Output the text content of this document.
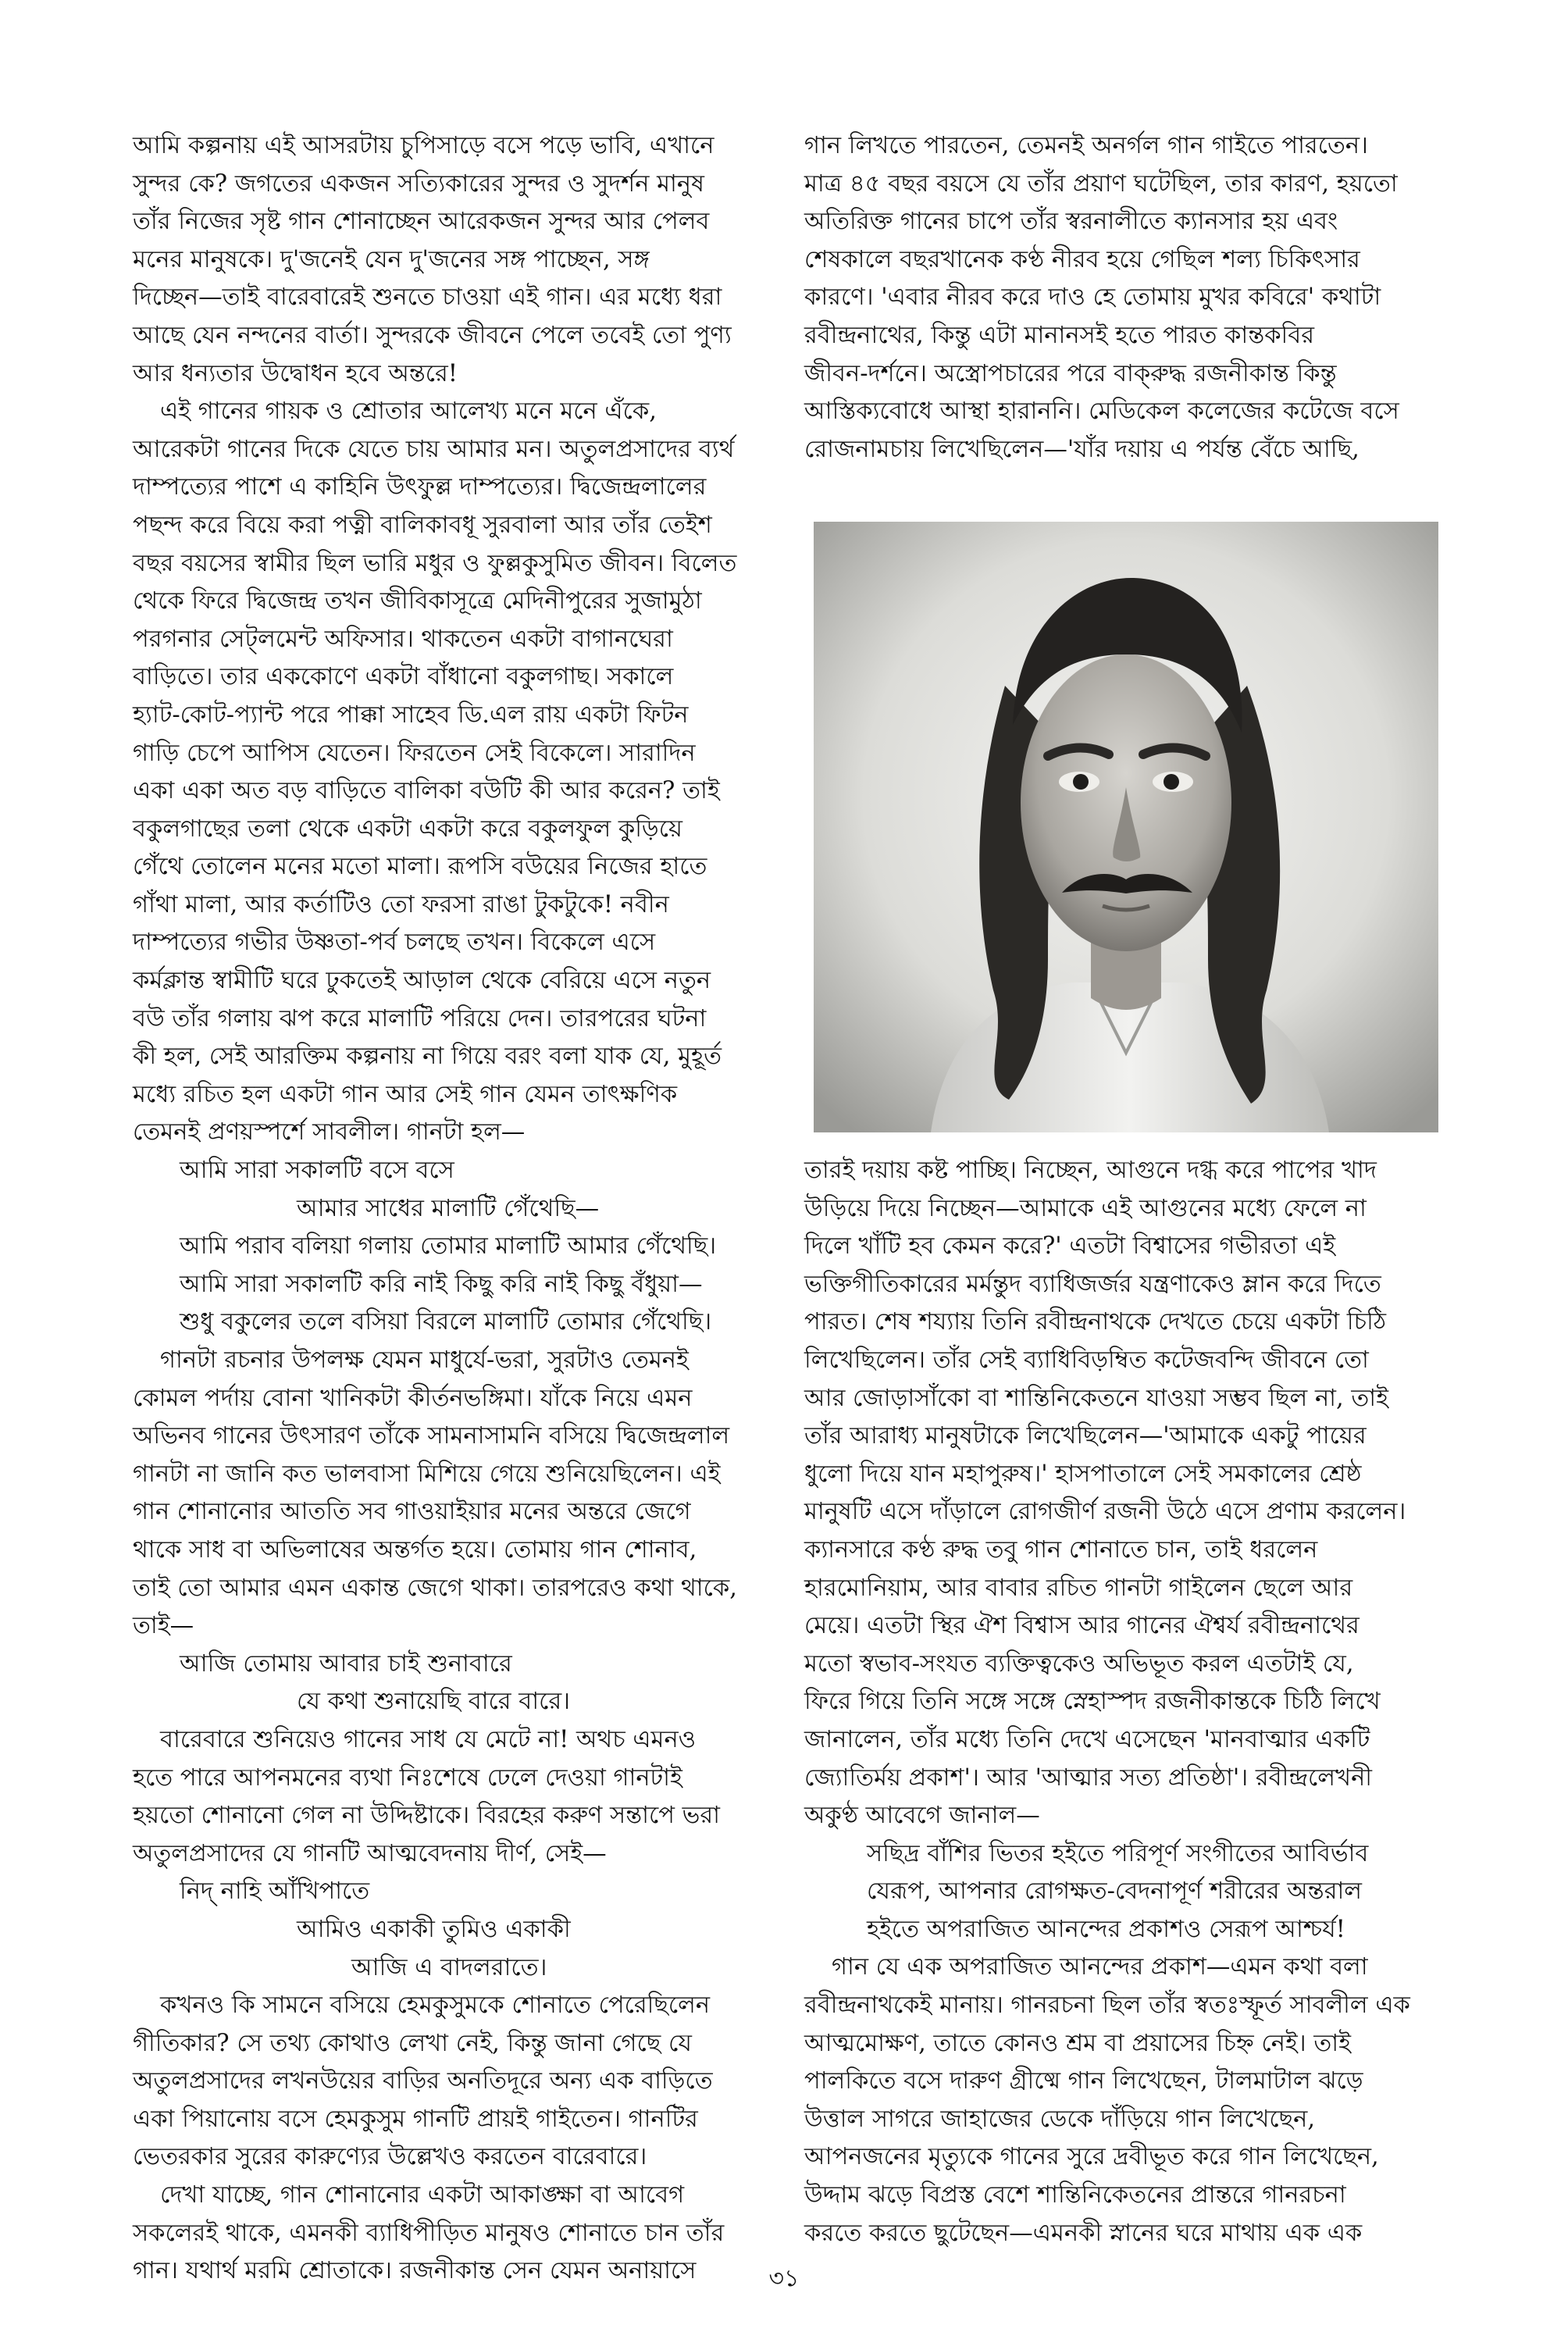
আমি কল্পনায় এই আসরটায় চুপিসাড়ে বসে পড়ে ভাবি, এখানে
সুন্দর কে? জগতের একজন সত্যিকারের সুন্দর ও সুদর্শন মানুষ
তাঁর নিজের সৃষ্ট গান শোনাচ্ছেন আরেকজন সুন্দর আর পেলব
মনের মানুষকে। দু'জনেই যেন দু'জনের সঙ্গ পাচ্ছেন, সঙ্গ
দিচ্ছেন—তাই বারেবারেই শুনতে চাওয়া এই গান। এর মধ্যে ধরা
আছে যেন নন্দনের বার্তা। সুন্দরকে জীবনে পেলে তবেই তো পুণ্য
আর ধন্যতার উদ্বোধন হবে অন্তরে!

এই গানের গায়ক ও শ্রোতার আলেখ্য মনে মনে এঁকে,
আরেকটা গানের দিকে যেতে চায় আমার মন। অতুলপ্রসাদের ব্যর্থ
দাম্পত্যের পাশে এ কাহিনি উৎফুল্ল দাম্পত্যের। দ্বিজেন্দ্রলালের
পছন্দ করে বিয়ে করা পত্নী বালিকাবধূ সুরবালা আর তাঁর তেইশ
বছর বয়সের স্বামীর ছিল ভারি মধুর ও ফুল্লকুসুমিত জীবন। বিলেত
থেকে ফিরে দ্বিজেন্দ্র তখন জীবিকাসূত্রে মেদিনীপুরের সুজামুঠা
পরগনার সেট্‌লমেন্ট অফিসার। থাকতেন একটা বাগানঘেরা
বাড়িতে। তার এককোণে একটা বাঁধানো বকুলগাছ। সকালে
হ্যাট-কোট-প্যান্ট পরে পাক্কা সাহেব ডি.এল রায় একটা ফিটন
গাড়ি চেপে আপিস যেতেন। ফিরতেন সেই বিকেলে। সারাদিন
একা একা অত বড় বাড়িতে বালিকা বউটি কী আর করেন? তাই
বকুলগাছের তলা থেকে একটা একটা করে বকুলফুল কুড়িয়ে
গেঁথে তোলেন মনের মতো মালা। রূপসি বউয়ের নিজের হাতে
গাঁথা মালা, আর কর্তাটিও তো ফরসা রাঙা টুকটুকে! নবীন
দাম্পত্যের গভীর উষ্ণতা-পর্ব চলছে তখন। বিকেলে এসে
কর্মক্লান্ত স্বামীটি ঘরে ঢুকতেই আড়াল থেকে বেরিয়ে এসে নতুন
বউ তাঁর গলায় ঝপ করে মালাটি পরিয়ে দেন। তারপরের ঘটনা
কী হল, সেই আরক্তিম কল্পনায় না গিয়ে বরং বলা যাক যে, মুহূর্ত
মধ্যে রচিত হল একটা গান আর সেই গান যেমন তাৎক্ষণিক
তেমনই প্রণয়স্পর্শে সাবলীল। গানটা হল—

আমি সারা সকালটি বসে বসে
আমার সাধের মালাটি গেঁথেছি—
আমি পরাব বলিয়া গলায় তোমার মালাটি আমার গেঁথেছি।
আমি সারা সকালটি করি নাই কিছু করি নাই কিছু বঁধুয়া—
শুধু বকুলের তলে বসিয়া বিরলে মালাটি তোমার গেঁথেছি।

গানটা রচনার উপলক্ষ যেমন মাধুর্যে-ভরা, সুরটাও তেমনই
কোমল পর্দায় বোনা খানিকটা কীর্তনভঙ্গিমা। যাঁকে নিয়ে এমন
অভিনব গানের উৎসারণ তাঁকে সামনাসামনি বসিয়ে দ্বিজেন্দ্রলাল
গানটা না জানি কত ভালবাসা মিশিয়ে গেয়ে শুনিয়েছিলেন। এই
গান শোনানোর আততি সব গাওয়াইয়ার মনের অন্তরে জেগে
থাকে সাধ বা অভিলাষের অন্তর্গত হয়ে। তোমায় গান শোনাব,
তাই তো আমার এমন একান্ত জেগে থাকা। তারপরেও কথা থাকে,
তাই—

আজি তোমায় আবার চাই শুনাবারে
যে কথা শুনায়েছি বারে বারে।

বারেবারে শুনিয়েও গানের সাধ যে মেটে না! অথচ এমনও
হতে পারে আপনমনের ব্যথা নিঃশেষে ঢেলে দেওয়া গানটাই
হয়তো শোনানো গেল না উদ্দিষ্টাকে। বিরহের করুণ সন্তাপে ভরা
অতুলপ্রসাদের যে গানটি আত্মবেদনায় দীর্ণ, সেই—

নিদ্ নাহি আঁখিপাতে
আমিও একাকী তুমিও একাকী
আজি এ বাদলরাতে।

কখনও কি সামনে বসিয়ে হেমকুসুমকে শোনাতে পেরেছিলেন
গীতিকার? সে তথ্য কোথাও লেখা নেই, কিন্তু জানা গেছে যে
অতুলপ্রসাদের লখনউয়ের বাড়ির অনতিদূরে অন্য এক বাড়িতে
একা পিয়ানোয় বসে হেমকুসুম গানটি প্রায়ই গাইতেন। গানটির
ভেতরকার সুরের কারুণ্যের উল্লেখও করতেন বারেবারে।

দেখা যাচ্ছে, গান শোনানোর একটা আকাঙ্ক্ষা বা আবেগ
সকলেরই থাকে, এমনকী ব্যাধিপীড়িত মানুষও শোনাতে চান তাঁর
গান। যথার্থ মরমি শ্রোতাকে। রজনীকান্ত সেন যেমন অনায়াসে

গান লিখতে পারতেন, তেমনই অনর্গল গান গাইতে পারতেন।
মাত্র ৪৫ বছর বয়সে যে তাঁর প্রয়াণ ঘটেছিল, তার কারণ, হয়তো
অতিরিক্ত গানের চাপে তাঁর স্বরনালীতে ক্যানসার হয় এবং
শেষকালে বছরখানেক কণ্ঠ নীরব হয়ে গেছিল শল্য চিকিৎসার
কারণে। 'এবার নীরব করে দাও হে তোমায় মুখর কবিরে' কথাটা
রবীন্দ্রনাথের, কিন্তু এটা মানানসই হতে পারত কান্তকবির
জীবন-দর্শনে। অস্ত্রোপচারের পরে বাক্‌রুদ্ধ রজনীকান্ত কিন্তু
আস্তিক্যবোধে আস্থা হারাননি। মেডিকেল কলেজের কটেজে বসে
রোজনামচায় লিখেছিলেন—'যাঁর দয়ায় এ পর্যন্ত বেঁচে আছি,

তারই দয়ায় কষ্ট পাচ্ছি। নিচ্ছেন, আগুনে দগ্ধ করে পাপের খাদ
উড়িয়ে দিয়ে নিচ্ছেন—আমাকে এই আগুনের মধ্যে ফেলে না
দিলে খাঁটি হব কেমন করে?' এতটা বিশ্বাসের গভীরতা এই
ভক্তিগীতিকারের মর্মন্তুদ ব্যাধিজর্জর যন্ত্রণাকেও ম্লান করে দিতে
পারত। শেষ শয্যায় তিনি রবীন্দ্রনাথকে দেখতে চেয়ে একটা চিঠি
লিখেছিলেন। তাঁর সেই ব্যাধিবিড়ম্বিত কটেজবন্দি জীবনে তো
আর জোড়াসাঁকো বা শান্তিনিকেতনে যাওয়া সম্ভব ছিল না, তাই
তাঁর আরাধ্য মানুষটাকে লিখেছিলেন—'আমাকে একটু পায়ের
ধুলো দিয়ে যান মহাপুরুষ।' হাসপাতালে সেই সমকালের শ্রেষ্ঠ
মানুষটি এসে দাঁড়ালে রোগজীর্ণ রজনী উঠে এসে প্রণাম করলেন।
ক্যানসারে কণ্ঠ রুদ্ধ তবু গান শোনাতে চান, তাই ধরলেন
হারমোনিয়াম, আর বাবার রচিত গানটা গাইলেন ছেলে আর
মেয়ে। এতটা স্থির ঐশ বিশ্বাস আর গানের ঐশ্বর্য রবীন্দ্রনাথের
মতো স্বভাব-সংযত ব্যক্তিত্বকেও অভিভূত করল এতটাই যে,
ফিরে গিয়ে তিনি সঙ্গে সঙ্গে স্নেহাস্পদ রজনীকান্তকে চিঠি লিখে
জানালেন, তাঁর মধ্যে তিনি দেখে এসেছেন 'মানবাত্মার একটি
জ্যোতির্ময় প্রকাশ'। আর 'আত্মার সত্য প্রতিষ্ঠা'। রবীন্দ্রলেখনী
অকুণ্ঠ আবেগে জানাল—

সছিদ্র বাঁশির ভিতর হইতে পরিপূর্ণ সংগীতের আবির্ভাব
যেরূপ, আপনার রোগক্ষত-বেদনাপূর্ণ শরীরের অন্তরাল
হইতে অপরাজিত আনন্দের প্রকাশও সেরূপ আশ্চর্য!

গান যে এক অপরাজিত আনন্দের প্রকাশ—এমন কথা বলা
রবীন্দ্রনাথকেই মানায়। গানরচনা ছিল তাঁর স্বতঃস্ফূর্ত সাবলীল এক
আত্মমোক্ষণ, তাতে কোনও শ্রম বা প্রয়াসের চিহ্ন নেই। তাই
পালকিতে বসে দারুণ গ্রীষ্মে গান লিখেছেন, টালমাটাল ঝড়ে
উত্তাল সাগরে জাহাজের ডেকে দাঁড়িয়ে গান লিখেছেন,
আপনজনের মৃত্যুকে গানের সুরে দ্রবীভূত করে গান লিখেছেন,
উদ্দাম ঝড়ে বিপ্রস্ত বেশে শান্তিনিকেতনের প্রান্তরে গানরচনা
করতে করতে ছুটেছেন—এমনকী স্নানের ঘরে মাথায় এক এক

৩১
